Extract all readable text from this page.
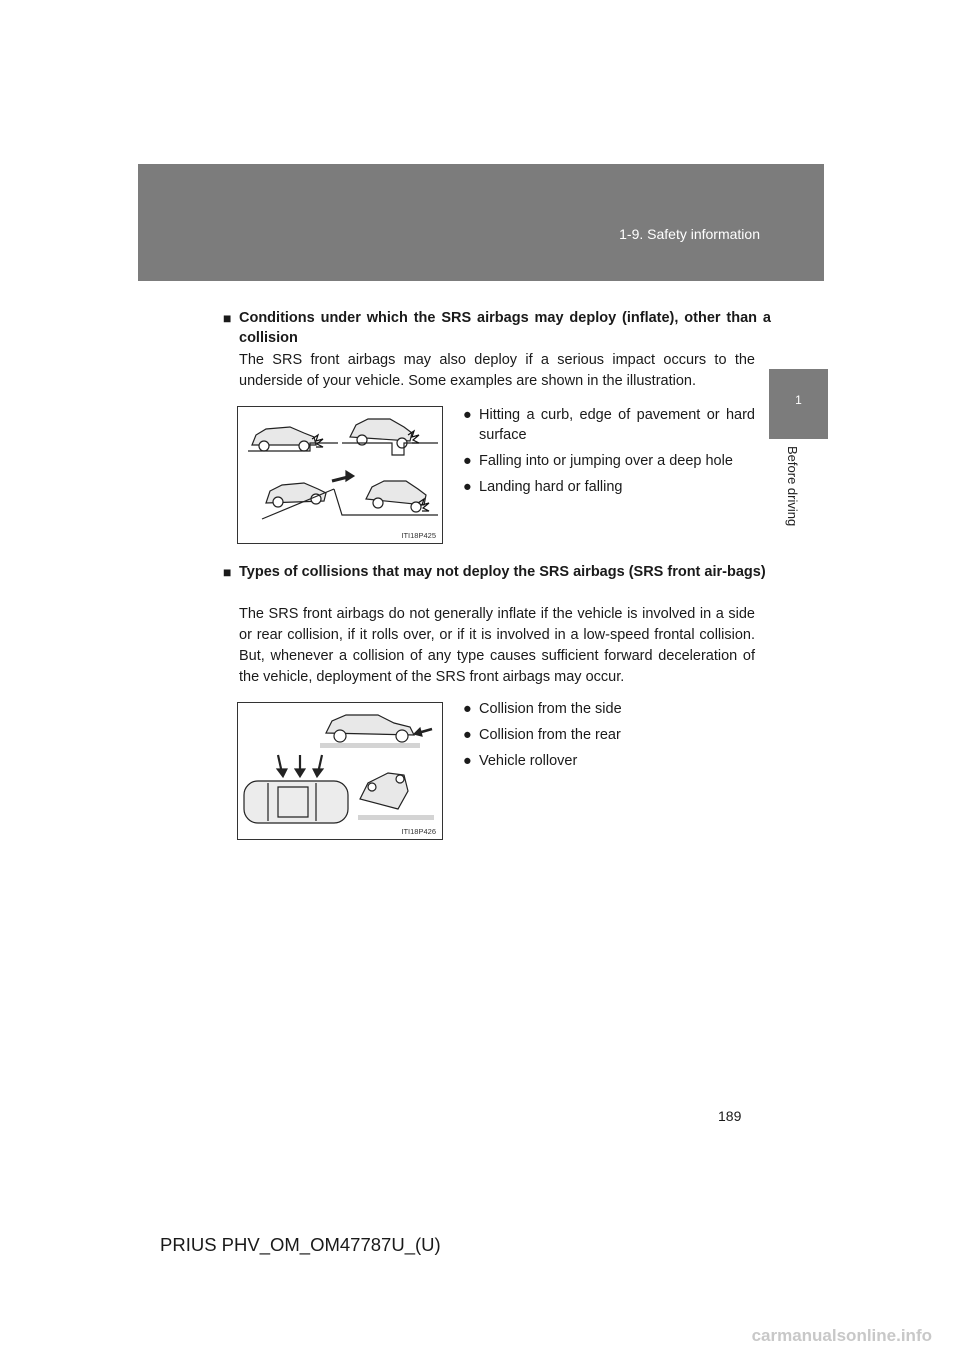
1-9. Safety information
1
Before driving
■ Conditions under which the SRS airbags may deploy (inflate), other than a collision
The SRS front airbags may also deploy if a serious impact occurs to the underside of your vehicle. Some examples are shown in the illustration.
ITI18P425
● Hitting a curb, edge of pavement or hard surface
● Falling into or jumping over a deep hole
● Landing hard or falling
■ Types of collisions that may not deploy the SRS airbags (SRS front air-bags)
The SRS front airbags do not generally inflate if the vehicle is involved in a side or rear collision, if it rolls over, or if it is involved in a low-speed frontal collision. But, whenever a collision of any type causes sufficient forward deceleration of the vehicle, deployment of the SRS front airbags may occur.
ITI18P426
● Collision from the side
● Collision from the rear
● Vehicle rollover
189
PRIUS PHV_OM_OM47787U_(U)
carmanualsonline.info
